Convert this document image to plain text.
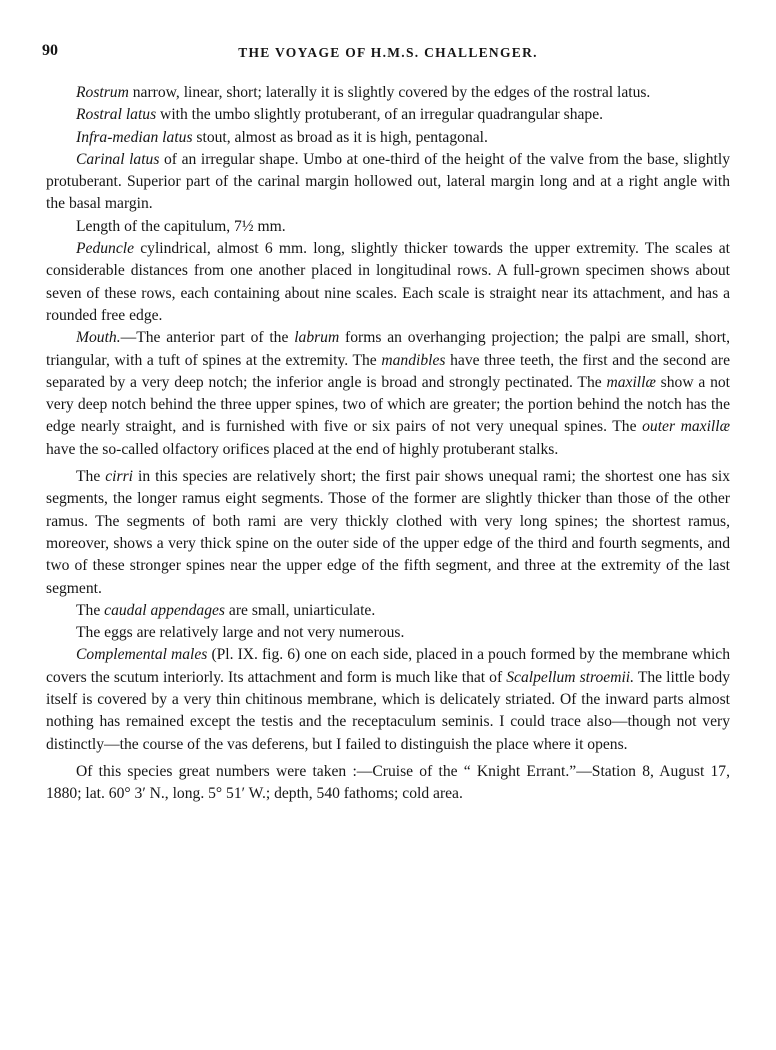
90	THE VOYAGE OF H.M.S. CHALLENGER.

Rostrum narrow, linear, short; laterally it is slightly covered by the edges of the rostral latus.

Rostral latus with the umbo slightly protuberant, of an irregular quadrangular shape.

Infra-median latus stout, almost as broad as it is high, pentagonal.

Carinal latus of an irregular shape. Umbo at one-third of the height of the valve from the base, slightly protuberant. Superior part of the carinal margin hollowed out, lateral margin long and at a right angle with the basal margin.

Length of the capitulum, 7½ mm.

Peduncle cylindrical, almost 6 mm. long, slightly thicker towards the upper extremity. The scales at considerable distances from one another placed in longitudinal rows. A full-grown specimen shows about seven of these rows, each containing about nine scales. Each scale is straight near its attachment, and has a rounded free edge.

Mouth.—The anterior part of the labrum forms an overhanging projection; the palpi are small, short, triangular, with a tuft of spines at the extremity. The mandibles have three teeth, the first and the second are separated by a very deep notch; the inferior angle is broad and strongly pectinated. The maxillæ show a not very deep notch behind the three upper spines, two of which are greater; the portion behind the notch has the edge nearly straight, and is furnished with five or six pairs of not very unequal spines. The outer maxillæ have the so-called olfactory orifices placed at the end of highly protuberant stalks.

The cirri in this species are relatively short; the first pair shows unequal rami; the shortest one has six segments, the longer ramus eight segments. Those of the former are slightly thicker than those of the other ramus. The segments of both rami are very thickly clothed with very long spines; the shortest ramus, moreover, shows a very thick spine on the outer side of the upper edge of the third and fourth segments, and two of these stronger spines near the upper edge of the fifth segment, and three at the extremity of the last segment.

The caudal appendages are small, uniarticulate.

The eggs are relatively large and not very numerous.

Complemental males (Pl. IX. fig. 6) one on each side, placed in a pouch formed by the membrane which covers the scutum interiorly. Its attachment and form is much like that of Scalpellum stroemii. The little body itself is covered by a very thin chitinous membrane, which is delicately striated. Of the inward parts almost nothing has remained except the testis and the receptaculum seminis. I could trace also—though not very distinctly—the course of the vas deferens, but I failed to distinguish the place where it opens.

Of this species great numbers were taken :—Cruise of the “ Knight Errant.”—Station 8, August 17, 1880; lat. 60° 3′ N., long. 5° 51′ W.; depth, 540 fathoms; cold area.
